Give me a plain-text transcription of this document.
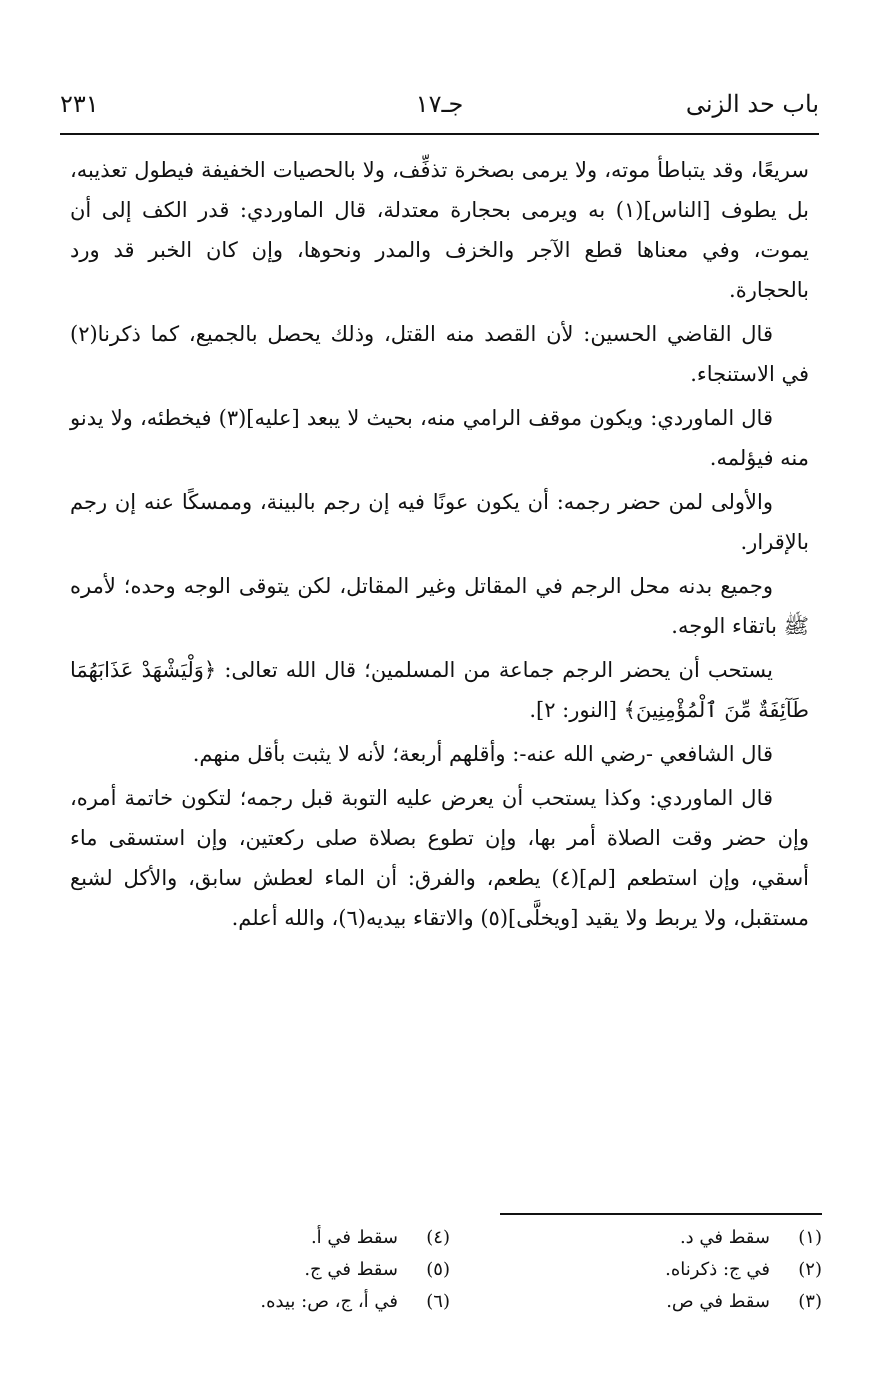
باب حد الزنى
جـ١٧
٢٣١

سريعًا، وقد يتباطأ موته، ولا يرمى بصخرة تذفِّف، ولا بالحصيات الخفيفة فيطول تعذيبه، بل يطوف [الناس](١) به ويرمى بحجارة معتدلة، قال الماوردي: قدر الكف إلى أن يموت، وفي معناها قطع الآجر والخزف والمدر ونحوها، وإن كان الخبر قد ورد بالحجارة.

قال القاضي الحسين: لأن القصد منه القتل، وذلك يحصل بالجميع، كما ذكرنا(٢) في الاستنجاء.

قال الماوردي: ويكون موقف الرامي منه، بحيث لا يبعد [عليه](٣) فيخطئه، ولا يدنو منه فيؤلمه.

والأولى لمن حضر رجمه: أن يكون عونًا فيه إن رجم بالبينة، وممسكًا عنه إن رجم بالإقرار.

وجميع بدنه محل الرجم في المقاتل وغير المقاتل، لكن يتوقى الوجه وحده؛ لأمره ﷺ باتقاء الوجه.

يستحب أن يحضر الرجم جماعة من المسلمين؛ قال الله تعالى: ﴿وَلْيَشْهَدْ عَذَابَهُمَا طَآئِفَةٌ مِّنَ ٱلْمُؤْمِنِينَ﴾ [النور: ٢].

قال الشافعي -رضي الله عنه-: وأقلهم أربعة؛ لأنه لا يثبت بأقل منهم.

قال الماوردي: وكذا يستحب أن يعرض عليه التوبة قبل رجمه؛ لتكون خاتمة أمره، وإن حضر وقت الصلاة أمر بها، وإن تطوع بصلاة صلى ركعتين، وإن استسقى ماء أسقي، وإن استطعم [لم](٤) يطعم، والفرق: أن الماء لعطش سابق، والأكل لشبع مستقبل، ولا يربط ولا يقيد [ويخلَّى](٥) والاتقاء بيديه(٦)، والله أعلم.

(١)
سقط في د.
(٢)
في ج: ذكرناه.
(٣)
سقط في ص.
(٤)
سقط في أ.
(٥)
سقط في ج.
(٦)
في أ، ج، ص: بيده.
